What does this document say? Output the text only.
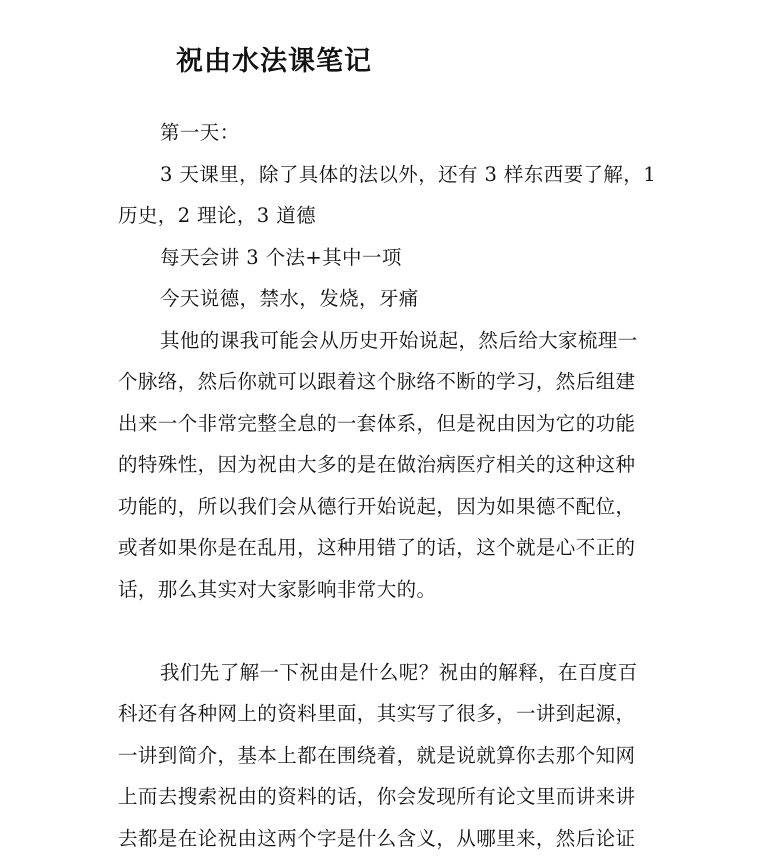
祝由水法课笔记
第一天：
3 天课里，除了具体的法以外，还有 3 样东西要了解，1
历史，2 理论，3 道德
每天会讲 3 个法+其中一项
今天说德，禁水，发烧，牙痛
其他的课我可能会从历史开始说起，然后给大家梳理一
个脉络，然后你就可以跟着这个脉络不断的学习，然后组建
出来一个非常完整全息的一套体系，但是祝由因为它的功能
的特殊性，因为祝由大多的是在做治病医疗相关的这种这种
功能的，所以我们会从德行开始说起，因为如果德不配位，
或者如果你是在乱用，这种用错了的话，这个就是心不正的
话，那么其实对大家影响非常大的。
我们先了解一下祝由是什么呢？祝由的解释，在百度百
科还有各种网上的资料里面，其实写了很多，一讲到起源，
一讲到简介，基本上都在围绕着，就是说就算你去那个知网
上而去搜索祝由的资料的话，你会发现所有论文里而讲来讲
去都是在论祝由这两个字是什么含义，从哪里来，然后论证
